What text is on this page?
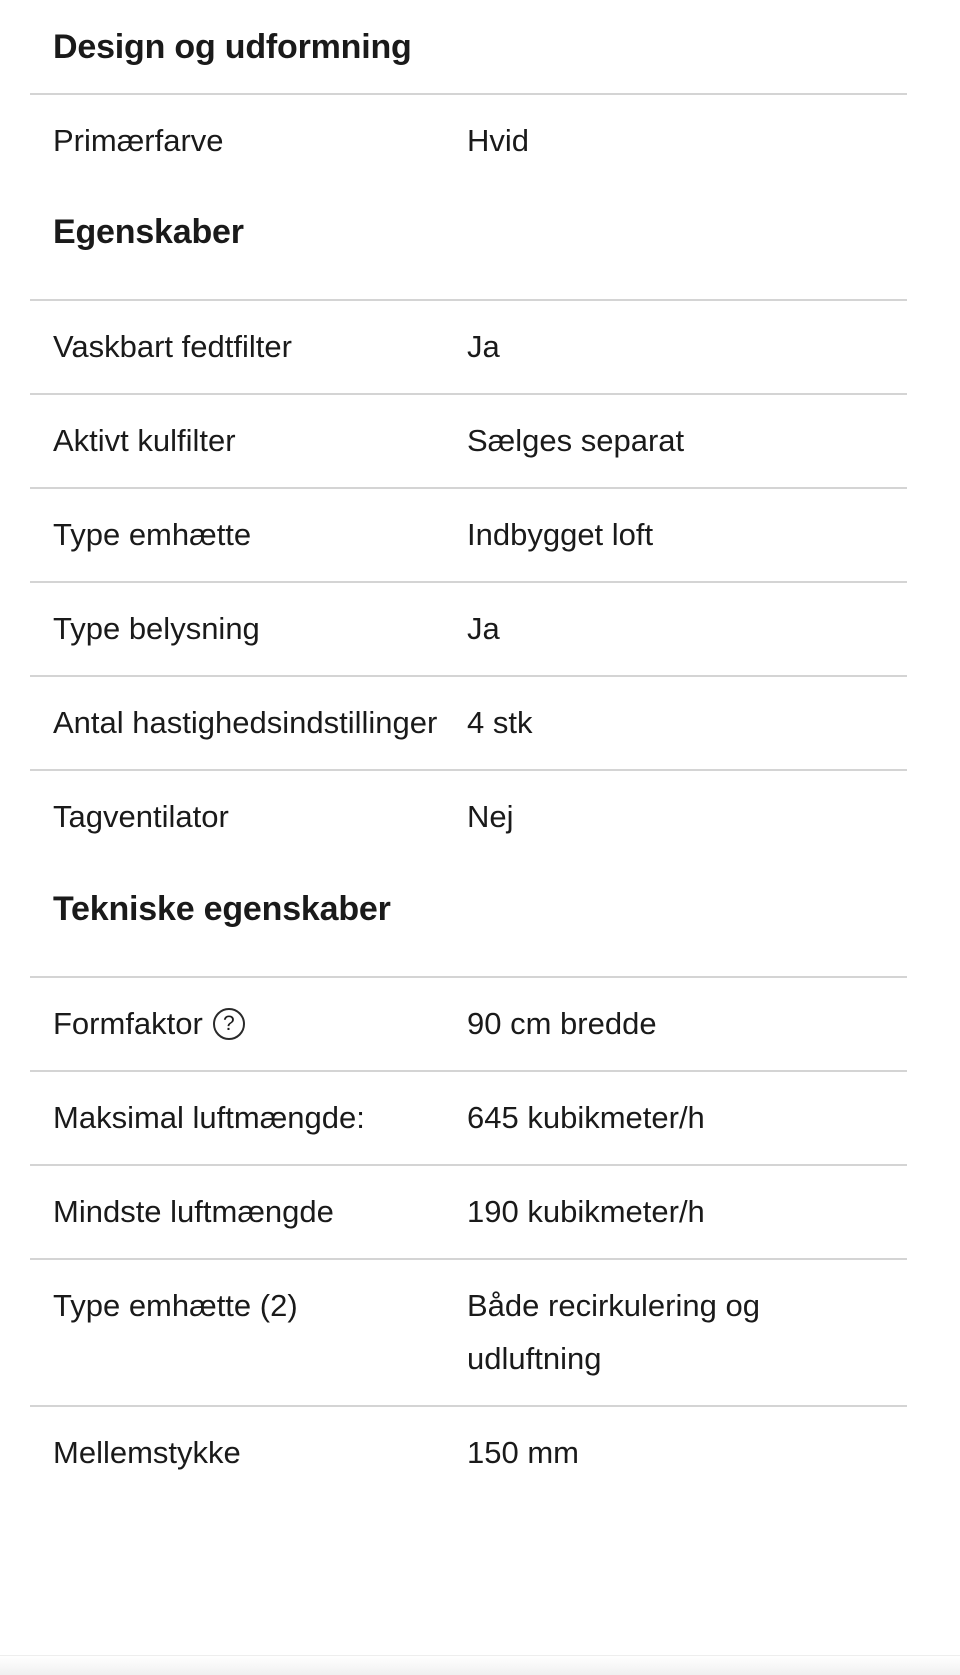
Design og udformning
Primærfarve	Hvid
Egenskaber
Vaskbart fedtfilter	Ja
Aktivt kulfilter	Sælges separat
Type emhætte	Indbygget loft
Type belysning	Ja
Antal hastighedsindstillinger 4 stk
Tagventilator	Nej
Tekniske egenskaber
Formfaktor ?	90 cm bredde
Maksimal luftmængde:	645 kubikmeter/h
Mindste luftmængde	190 kubikmeter/h
Type emhætte (2)	Både recirkulering og udluftning
Mellemstykke	150 mm
